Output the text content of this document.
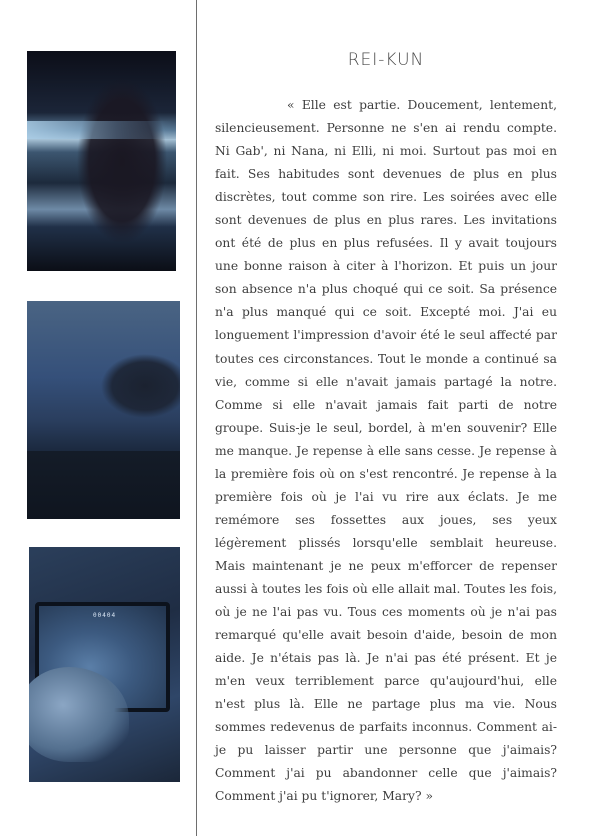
00404
REI-KUN

« Elle est partie. Doucement, lentement, silencieusement. Personne ne s'en ai rendu compte. Ni Gab', ni Nana, ni Elli, ni moi. Surtout pas moi en fait. Ses habitudes sont devenues de plus en plus discrètes, tout comme son rire. Les soirées avec elle sont devenues de plus en plus rares. Les invitations ont été de plus en plus refusées. Il y avait toujours une bonne raison à citer à l'horizon. Et puis un jour son absence n'a plus choqué qui ce soit. Sa présence n'a plus manqué qui ce soit. Excepté moi. J'ai eu longuement l'impression d'avoir été le seul affecté par toutes ces circonstances. Tout le monde a continué sa vie, comme si elle n'avait jamais partagé la notre. Comme si elle n'avait jamais fait parti de notre groupe. Suis-je le seul, bordel, à m'en souvenir? Elle me manque. Je repense à elle sans cesse. Je repense à la première fois où on s'est rencontré. Je repense à la première fois où je l'ai vu rire aux éclats. Je me remémore ses fossettes aux joues, ses yeux légèrement plissés lorsqu'elle semblait heureuse. Mais maintenant je ne peux m'efforcer de repenser aussi à toutes les fois où elle allait mal. Toutes les fois, où je ne l'ai pas vu. Tous ces moments où je n'ai pas remarqué qu'elle avait besoin d'aide, besoin de mon aide. Je n'étais pas là. Je n'ai pas été présent. Et je m'en veux terriblement parce qu'aujourd'hui, elle n'est plus là. Elle ne partage plus ma vie. Nous sommes redevenus de parfaits inconnus. Comment ai-je pu laisser partir une personne que j'aimais? Comment j'ai pu abandonner celle que j'aimais? Comment j'ai pu t'ignorer, Mary? »
